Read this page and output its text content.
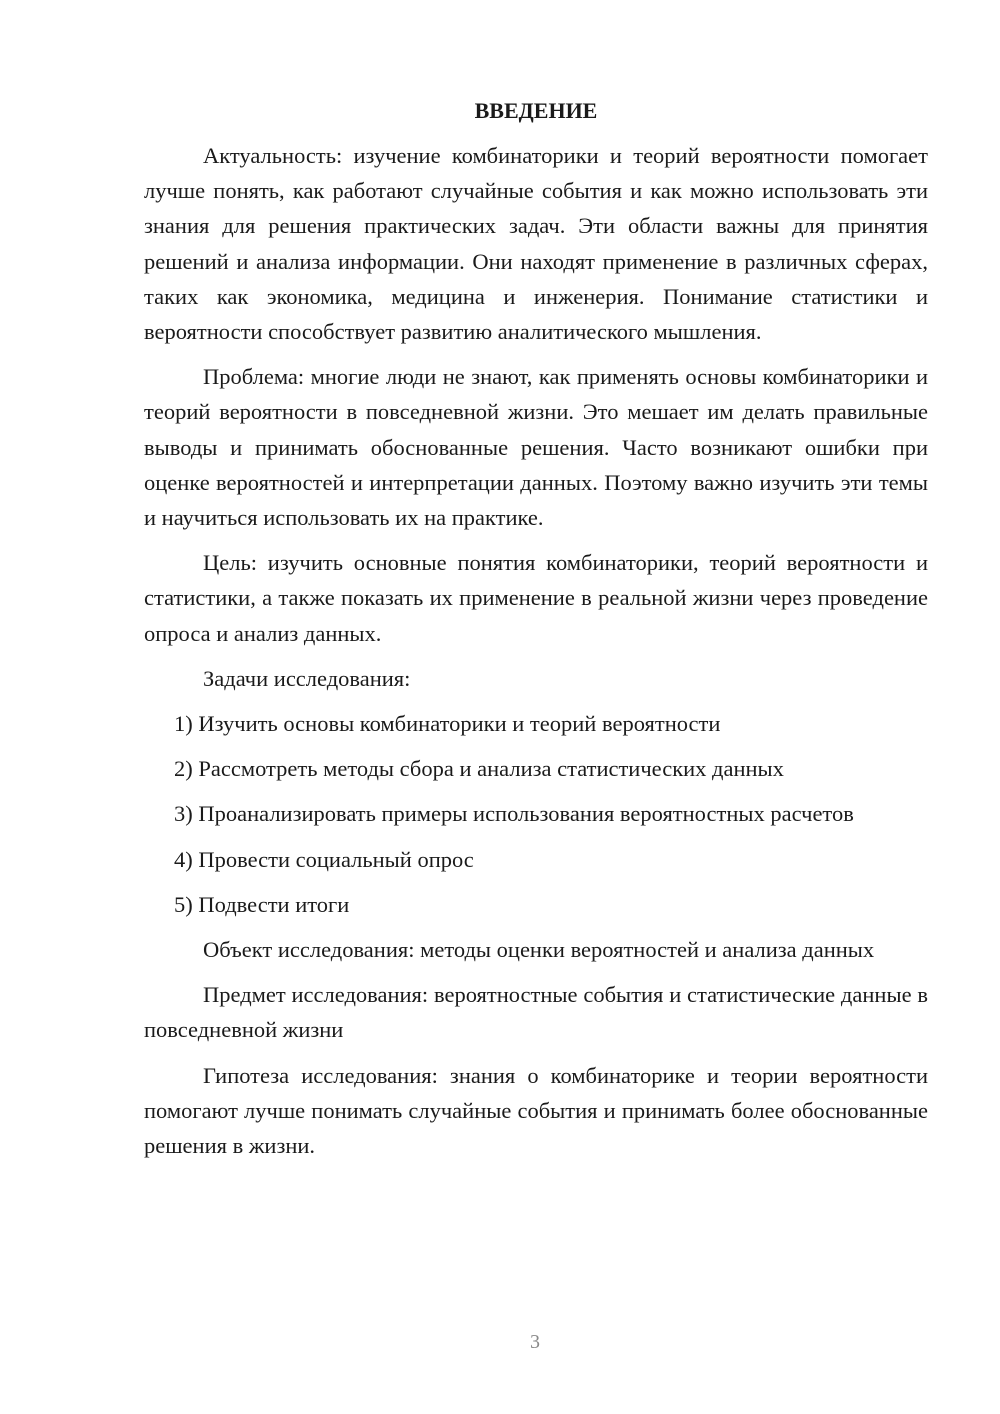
ВВЕДЕНИЕ

Актуальность: изучение комбинаторики и теорий вероятности помогает лучше понять, как работают случайные события и как можно использовать эти знания для решения практических задач. Эти области важны для принятия решений и анализа информации. Они находят применение в различных сферах, таких как экономика, медицина и инженерия. Понимание статистики и вероятности способствует развитию аналитического мышления.

Проблема: многие люди не знают, как применять основы комбинаторики и теорий вероятности в повседневной жизни. Это мешает им делать правильные выводы и принимать обоснованные решения. Часто возникают ошибки при оценке вероятностей и интерпретации данных. Поэтому важно изучить эти темы и научиться использовать их на практике.

Цель: изучить основные понятия комбинаторики, теорий вероятности и статистики, а также показать их применение в реальной жизни через проведение опроса и анализ данных.

Задачи исследования:

1) Изучить основы комбинаторики и теорий вероятности

2) Рассмотреть методы сбора и анализа статистических данных

3) Проанализировать примеры использования вероятностных расчетов

4) Провести социальный опрос

5) Подвести итоги

Объект исследования: методы оценки вероятностей и анализа данных

Предмет исследования: вероятностные события и статистические данные в повседневной жизни

Гипотеза исследования: знания о комбинаторике и теории вероятности помогают лучше понимать случайные события и принимать более обоснованные решения в жизни.

3
